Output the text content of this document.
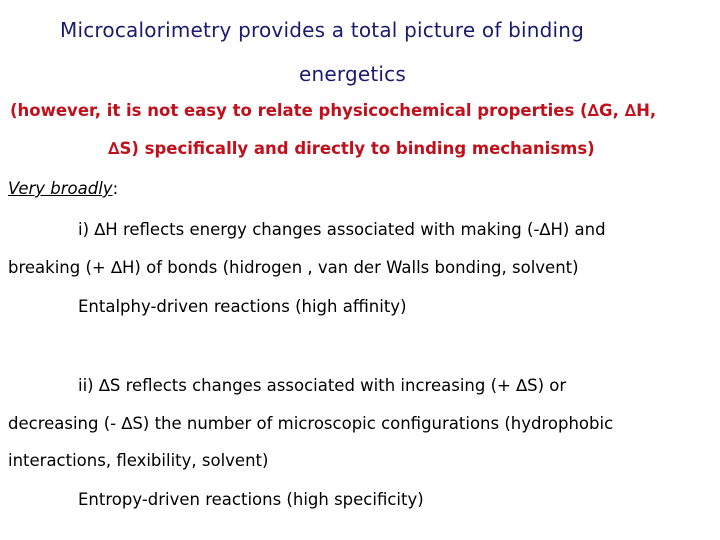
Microcalorimetry provides a total picture of binding
energetics
(however, it is not easy to relate physicochemical properties (∆G, ∆H,
∆S) specifically and directly to binding mechanisms)
Very broadly:
i) ∆H reflects energy changes associated with making (-∆H) and
breaking (+ ∆H) of bonds (hidrogen , van der Walls bonding, solvent)
Entalphy-driven reactions (high affinity)
ii) ∆S reflects changes associated with increasing (+ ∆S) or
decreasing (- ∆S) the number of microscopic configurations (hydrophobic
interactions, flexibility, solvent)
Entropy-driven reactions (high specificity)
